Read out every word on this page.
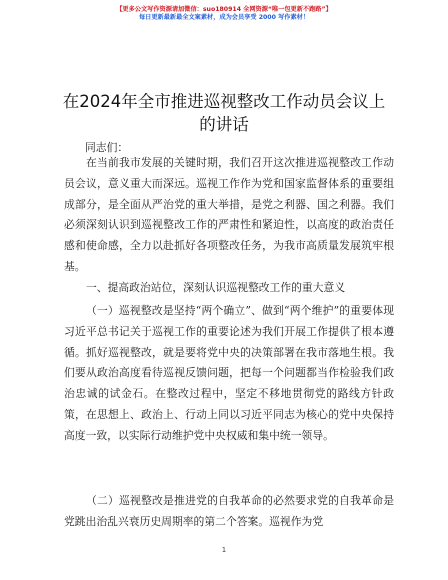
【更多公文写作资源请加微信：suo180914 全网资源“唯一包更新不跑路”】
每日更新最新最全文案素材，成为会员享受 2000 写作素材！
在2024年全市推进巡视整改工作动员会议上的讲话
同志们：

在当前我市发展的关键时期，我们召开这次推进巡视整改工作动员会议，意义重大而深远。巡视工作作为党和国家监督体系的重要组成部分，是全面从严治党的重大举措，是党之利器、国之利器。我们必须深刻认识到巡视整改工作的严肃性和紧迫性，以高度的政治责任感和使命感，全力以赴抓好各项整改任务，为我市高质量发展筑牢根基。

一、提高政治站位，深刻认识巡视整改工作的重大意义

（一）巡视整改是坚持“两个确立”、做到“两个维护”的重要体现习近平总书记关于巡视工作的重要论述为我们开展工作提供了根本遵循。抓好巡视整改，就是要将党中央的决策部署在我市落地生根。我们要从政治高度看待巡视反馈问题，把每一个问题都当作检验我们政治忠诚的试金石。在整改过程中，坚定不移地贯彻党的路线方针政策，在思想上、政治上、行动上同以习近平同志为核心的党中央保持高度一致，以实际行动维护党中央权威和集中统一领导。

（二）巡视整改是推进党的自我革命的必然要求党的自我革命是党跳出治乱兴衰历史周期率的第二个答案。巡视作为党

1
